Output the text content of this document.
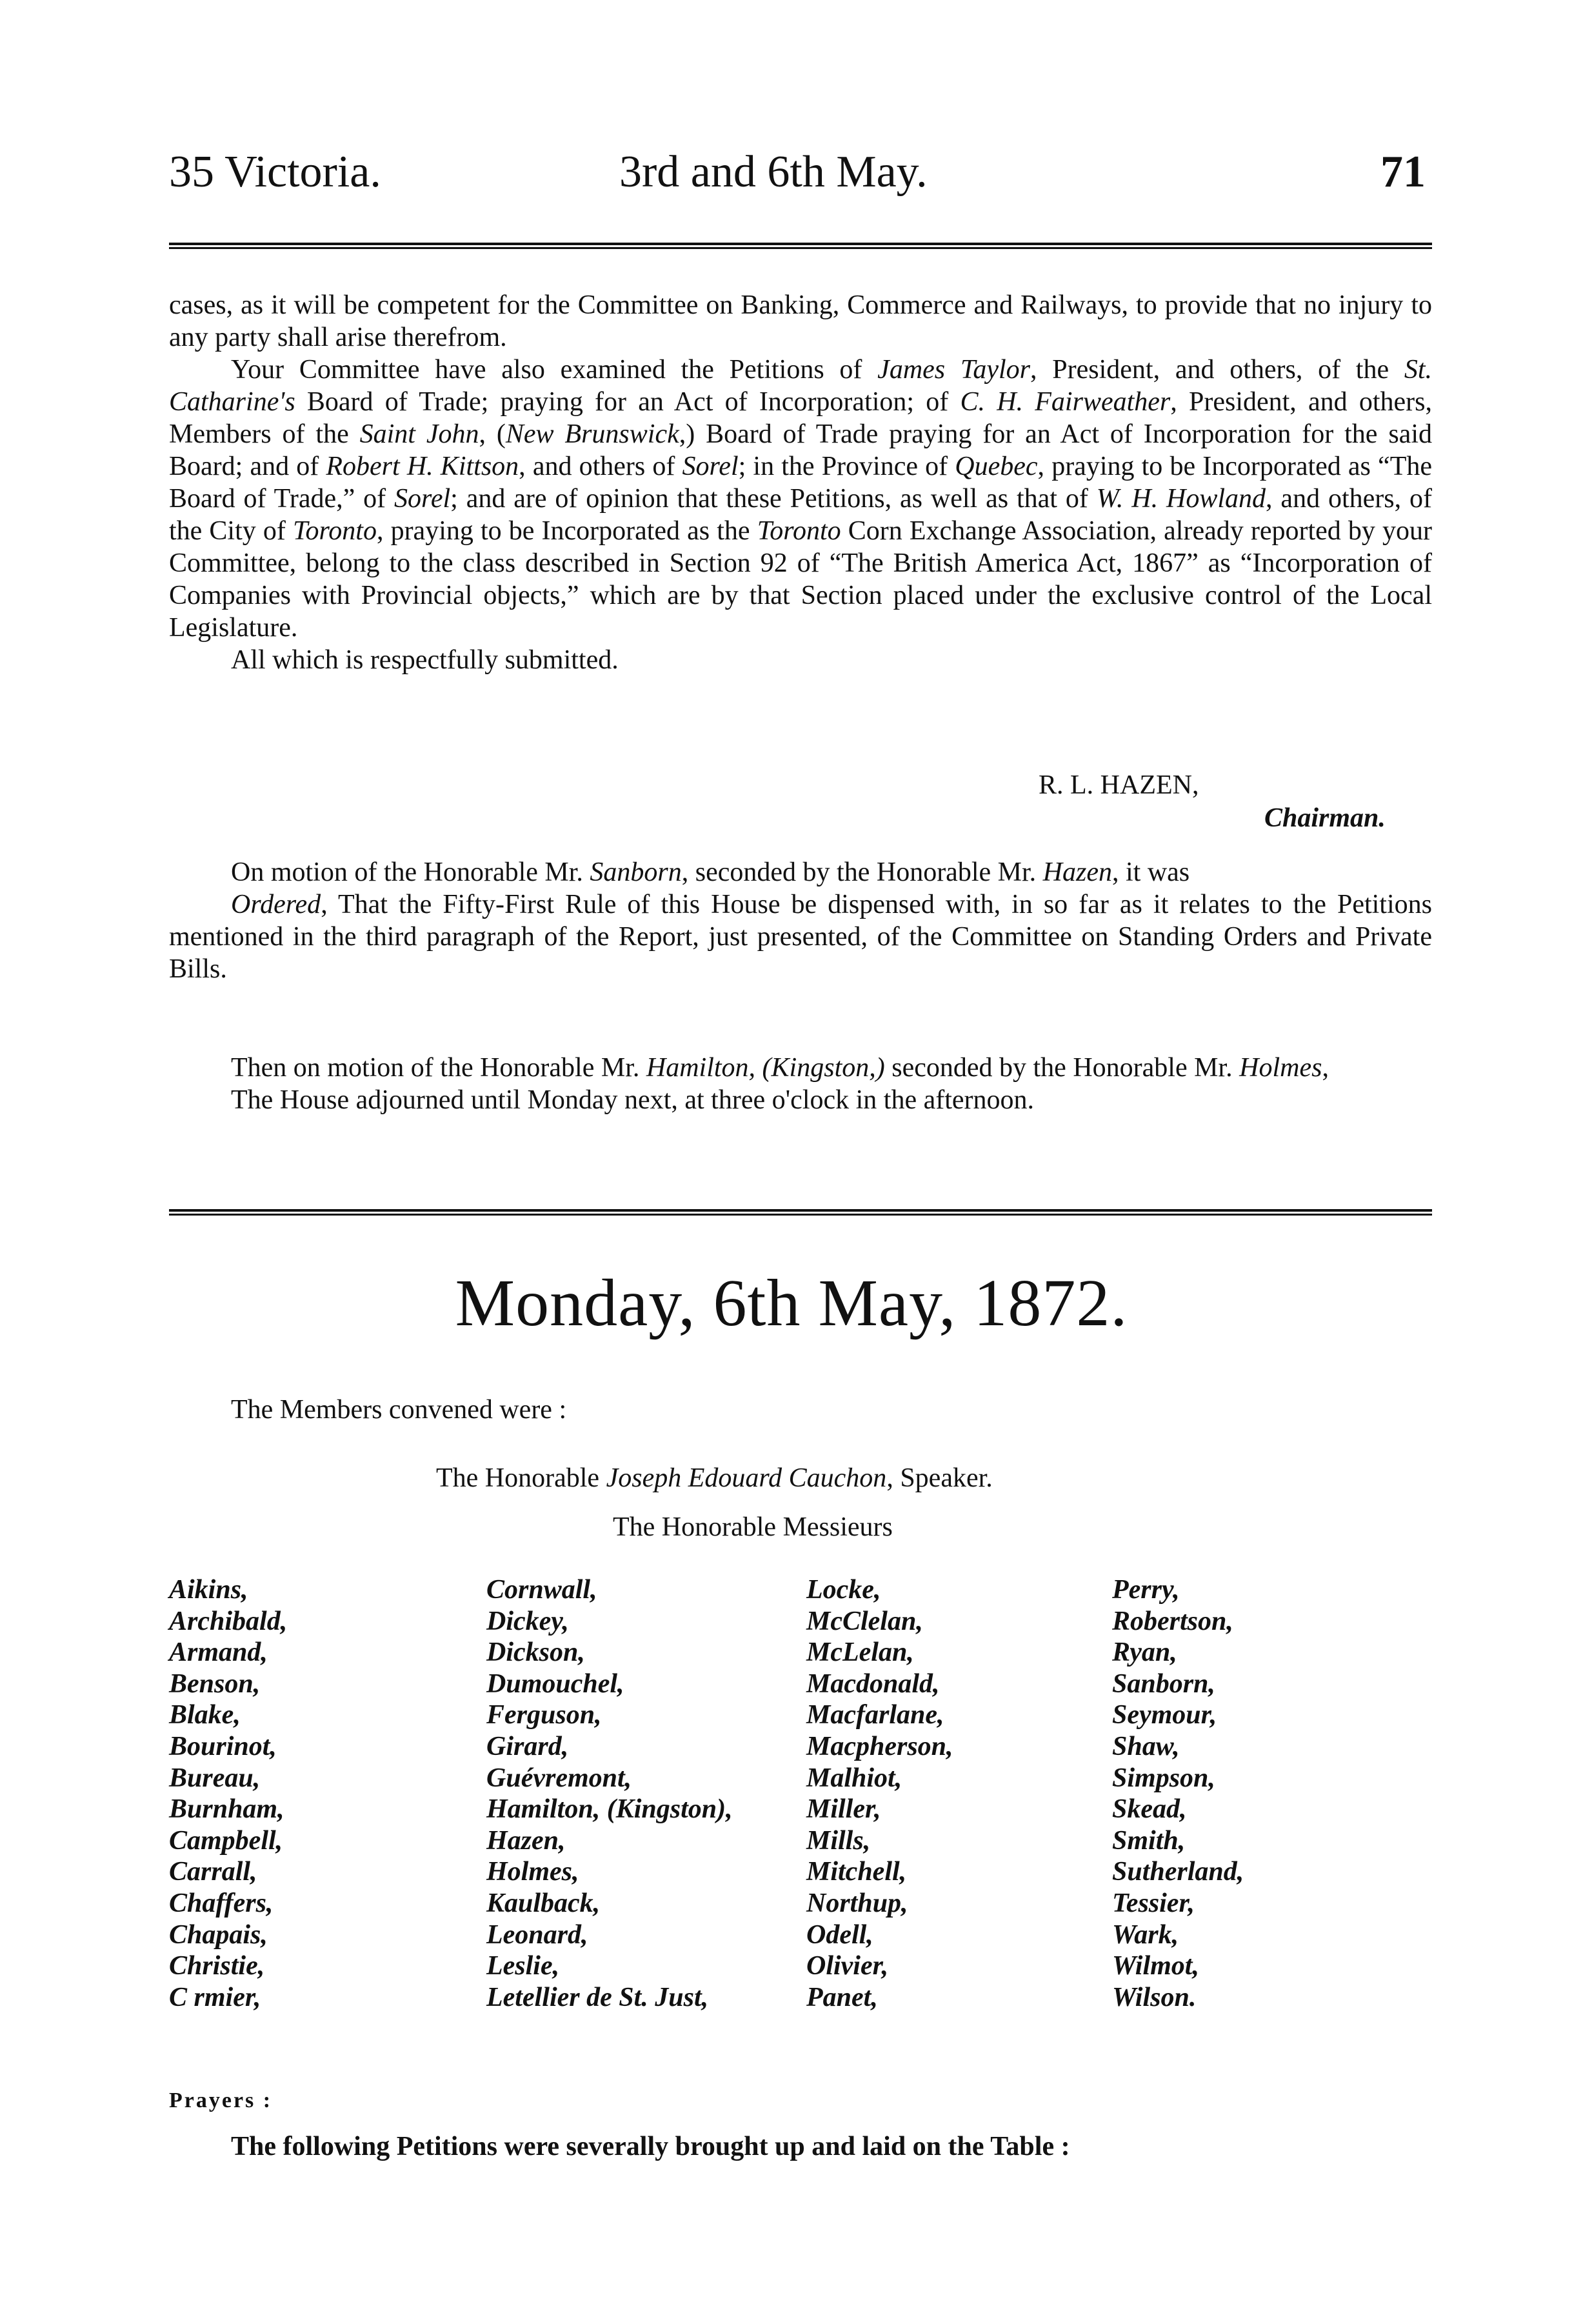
35 Victoria.	3rd and 6th May.	71

cases, as it will be competent for the Committee on Banking, Commerce and Railways, to provide that no injury to any party shall arise therefrom.

Your Committee have also examined the Petitions of James Taylor, President, and others, of the St. Catharine's Board of Trade; praying for an Act of Incorporation; of C. H. Fairweather, President, and others, Members of the Saint John, (New Brunswick,) Board of Trade praying for an Act of Incorporation for the said Board; and of Robert H. Kittson, and others of Sorel; in the Province of Quebec, praying to be Incorporated as “The Board of Trade,” of Sorel; and are of opinion that these Petitions, as well as that of W. H. Howland, and others, of the City of Toronto, praying to be Incorporated as the Toronto Corn Exchange Association, already reported by your Committee, belong to the class described in Section 92 of “The British America Act, 1867” as “Incorporation of Companies with Provincial objects,” which are by that Section placed under the exclusive control of the Local Legislature.

All which is respectfully submitted.

R. L. HAZEN,
Chairman.

On motion of the Honorable Mr. Sanborn, seconded by the Honorable Mr. Hazen, it was

Ordered, That the Fifty-First Rule of this House be dispensed with, in so far as it relates to the Petitions mentioned in the third paragraph of the Report, just presented, of the Committee on Standing Orders and Private Bills.

Then on motion of the Honorable Mr. Hamilton, (Kingston,) seconded by the Honorable Mr. Holmes,

The House adjourned until Monday next, at three o'clock in the afternoon.

Monday, 6th May, 1872.
The Members convened were :
The Honorable Joseph Edouard Cauchon, Speaker.
The Honorable Messieurs
Aikins,
Archibald,
Armand,
Benson,
Blake,
Bourinot,
Bureau,
Burnham,
Campbell,
Carrall,
Chaffers,
Chapais,
Christie,
C rmier,
Cornwall,
Dickey,
Dickson,
Dumouchel,
Ferguson,
Girard,
Guévremont,
Hamilton, (Kingston),
Hazen,
Holmes,
Kaulback,
Leonard,
Leslie,
Letellier de St. Just,
Locke,
McClelan,
McLelan,
Macdonald,
Macfarlane,
Macpherson,
Malhiot,
Miller,
Mills,
Mitchell,
Northup,
Odell,
Olivier,
Panet,
Perry,
Robertson,
Ryan,
Sanborn,
Seymour,
Shaw,
Simpson,
Skead,
Smith,
Sutherland,
Tessier,
Wark,
Wilmot,
Wilson.
Prayers :
The following Petitions were severally brought up and laid on the Table :
